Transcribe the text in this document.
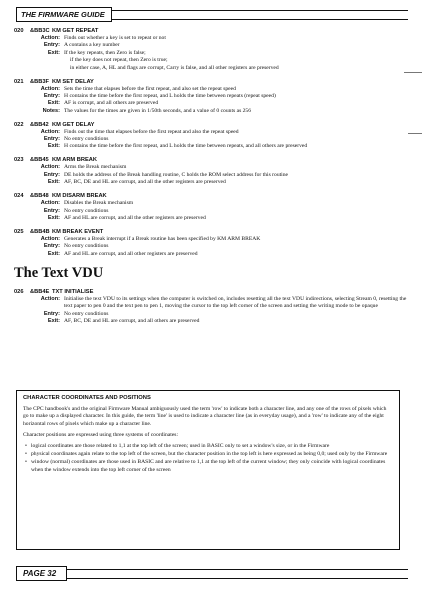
THE FIRMWARE GUIDE
020	&BB3C KM GET REPEAT
Action: Finds out whether a key is set to repeat or not
Entry: A contains a key number
Exit: If the key repeats, then Zero is false;
if the key does not repeat, then Zero is true;
in either case, A, HL and flags are corrupt, Carry is false, and all other registers are preserved
021	&BB3F KM SET DELAY
Action: Sets the time that elapses before the first repeat, and also set the repeat speed
Entry: H contains the time before the first repeat, and L holds the time between repeats (repeat speed)
Exit: AF is corrupt, and all others are preserved
Notes: The values for the times are given in 1/50th seconds, and a value of 0 counts as 256
022	&BB42 KM GET DELAY
Action: Finds out the time that elapses before the first repeat and also the repeat speed
Entry: No entry conditions
Exit: H contains the time before the first repeat, and L holds the time between repeats, and all others are preserved
023	&BB45 KM ARM BREAK
Action: Arms the Break mechanism
Entry: DE holds the address of the Break handling routine, C holds the ROM select address for this routine
Exit: AF, BC, DE and HL are corrupt, and all the other registers are preserved
024	&BB48 KM DISARM BREAK
Action: Disables the Break mechanism
Entry: No entry conditions
Exit: AF and HL are corrupt, and all the other registers are preserved
025	&BB4B KM BREAK EVENT
Action: Generates a Break interrupt if a Break routine has been specified by KM ARM BREAK
Entry: No entry conditions
Exit: AF and HL are corrupt, and all other registers are preserved
The Text VDU
026	&BB4E TXT INITIALISE
Action: Initialise the text VDU to its settings when the computer is switched on, includes resetting all the text VDU indirections, selecting Stream 0, resetting the text paper to pen 0 and the text pen to pen 1, moving the cursor to the top left corner of the screen and setting the writing mode to be opaque
Entry: No entry conditions
Exit: AF, BC, DE and HL are corrupt, and all others are preserved
CHARACTER COORDINATES AND POSITIONS

The CPC handbook's and the original Firmware Manual ambiguously used the term 'row' to indicate both a character line, and any one of the rows of pixels which go to make up a displayed character. In this guide, the term 'line' is used to indicate a character line (as in everyday usage), and a 'row' to indicate any of the eight horizontal rows of pixels which make up a character line.

Character positions are expressed using three systems of coordinates:

• logical coordinates are those related to 1,1 at the top left of the screen; used in BASIC only to set a window's size, or in the Firmware
• physical coordinates again relate to the top left of the screen, but the character position in the top left is here expressed as being 0,0; used only by the Firmware
• window (normal) coordinates are those used in BASIC and are relative to 1,1 at the top left of the current window; they only coincide with logical coordinates when the window extends into the top left corner of the screen
PAGE 32
